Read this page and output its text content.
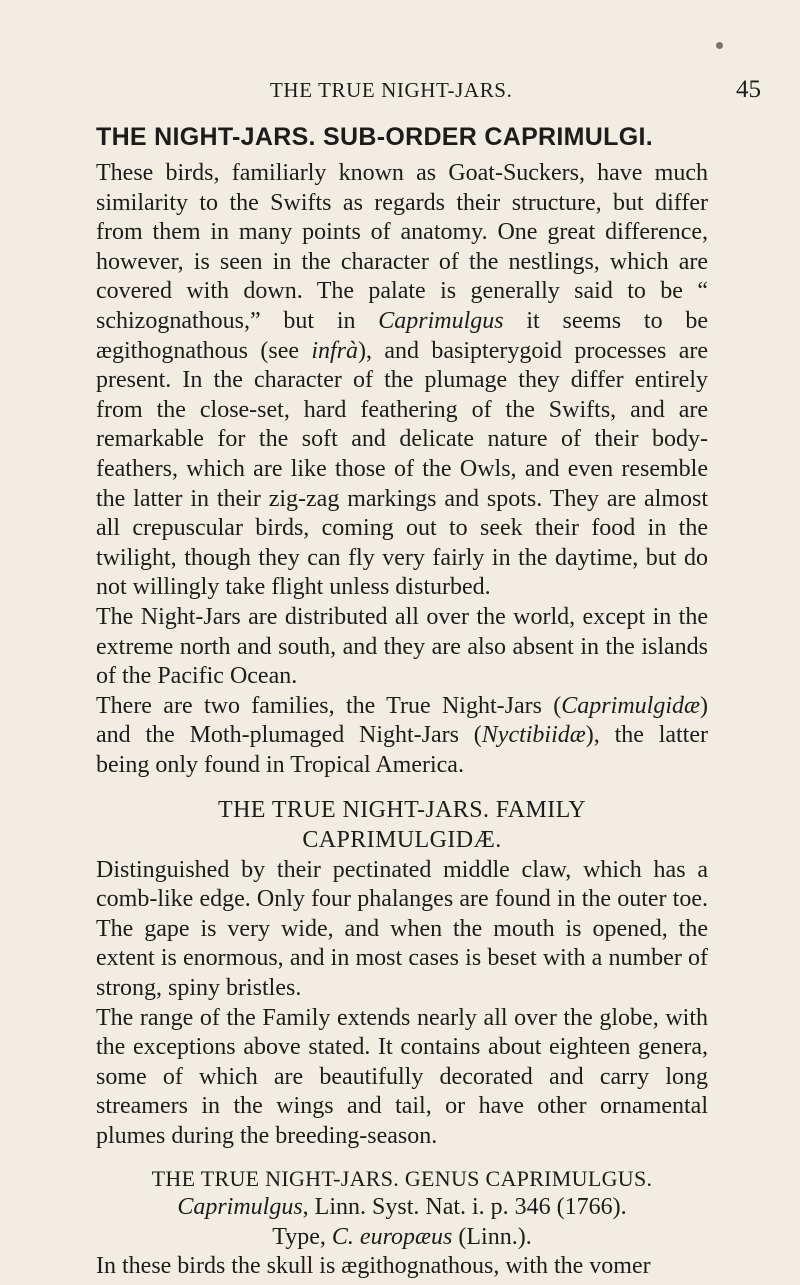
THE TRUE NIGHT-JARS.	45
THE NIGHT-JARS. SUB-ORDER CAPRIMULGI.

These birds, familiarly known as Goat-Suckers, have much similarity to the Swifts as regards their structure, but differ from them in many points of anatomy. One great difference, however, is seen in the character of the nestlings, which are covered with down. The palate is generally said to be “ schizognathous,” but in Caprimulgus it seems to be ægithognathous (see infrà), and basipterygoid processes are present. In the character of the plumage they differ entirely from the close-set, hard feathering of the Swifts, and are remarkable for the soft and delicate nature of their body-feathers, which are like those of the Owls, and even resemble the latter in their zig-zag markings and spots. They are almost all crepuscular birds, coming out to seek their food in the twilight, though they can fly very fairly in the daytime, but do not willingly take flight unless disturbed.

The Night-Jars are distributed all over the world, except in the extreme north and south, and they are also absent in the islands of the Pacific Ocean.

There are two families, the True Night-Jars (Caprimulgidæ) and the Moth-plumaged Night-Jars (Nyctibiidæ), the latter being only found in Tropical America.

THE TRUE NIGHT-JARS. FAMILY
CAPRIMULGIDÆ.

Distinguished by their pectinated middle claw, which has a comb-like edge. Only four phalanges are found in the outer toe. The gape is very wide, and when the mouth is opened, the extent is enormous, and in most cases is beset with a number of strong, spiny bristles.

The range of the Family extends nearly all over the globe, with the exceptions above stated. It contains about eighteen genera, some of which are beautifully decorated and carry long streamers in the wings and tail, or have other ornamental plumes during the breeding-season.

THE TRUE NIGHT-JARS. GENUS CAPRIMULGUS.

Caprimulgus, Linn. Syst. Nat. i. p. 346 (1766).

Type, C. europæus (Linn.).

In these birds the skull is ægithognathous, with the vomer
